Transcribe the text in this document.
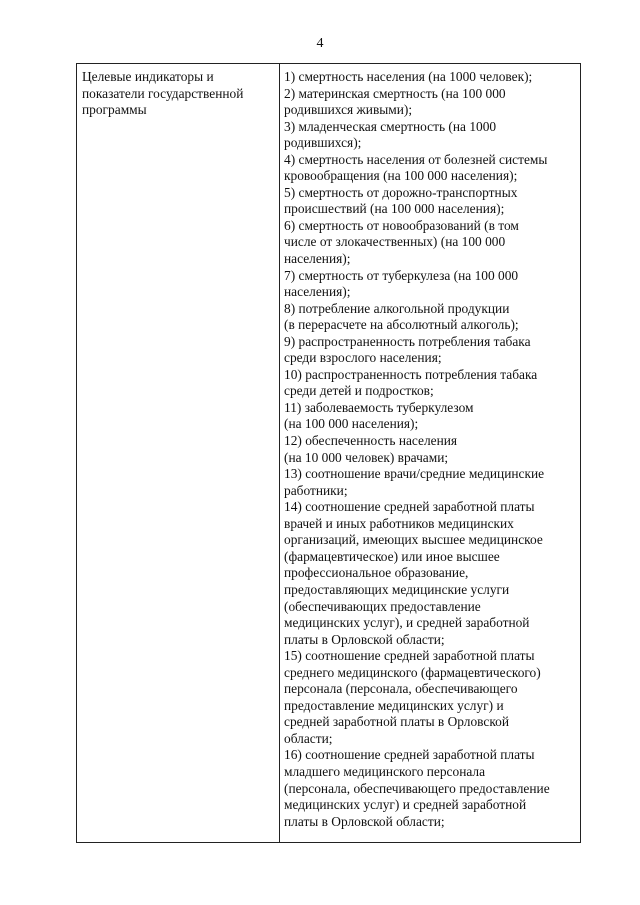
4
Целевые индикаторы и
показатели государственной
программы
1) смертность населения (на 1000 человек);
2) материнская смертность (на 100 000
родившихся живыми);
3) младенческая смертность (на 1000
родившихся);
4) смертность населения от болезней системы
кровообращения (на 100 000 населения);
5) смертность от дорожно-транспортных
происшествий (на 100 000 населения);
6) смертность от новообразований (в том
числе от злокачественных) (на 100 000
населения);
7) смертность от туберкулеза (на 100 000
населения);
8) потребление алкогольной продукции
(в перерасчете на абсолютный алкоголь);
9) распространенность потребления табака
среди взрослого населения;
10) распространенность потребления табака
среди детей и подростков;
11) заболеваемость туберкулезом
(на 100 000 населения);
12) обеспеченность населения
(на 10 000 человек) врачами;
13) соотношение врачи/средние медицинские
работники;
14) соотношение средней заработной платы
врачей и иных работников медицинских
организаций, имеющих высшее медицинское
(фармацевтическое) или иное высшее
профессиональное образование,
предоставляющих медицинские услуги
(обеспечивающих предоставление
медицинских услуг), и средней заработной
платы в Орловской области;
15) соотношение средней заработной платы
среднего медицинского (фармацевтического)
персонала (персонала, обеспечивающего
предоставление медицинских услуг) и
средней заработной платы в Орловской
области;
16) соотношение средней заработной платы
младшего медицинского персонала
(персонала, обеспечивающего предоставление
медицинских услуг) и средней заработной
платы в Орловской области;
